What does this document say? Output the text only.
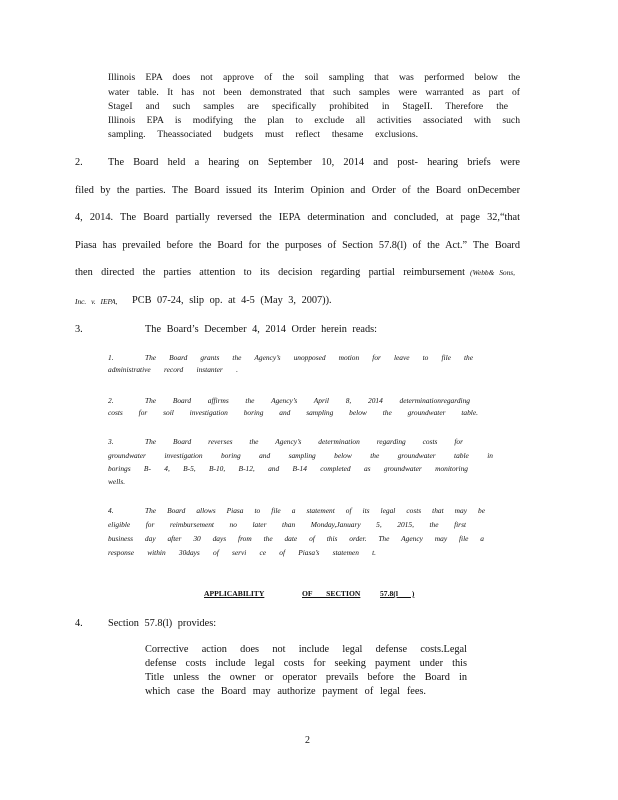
Illinois EPA does not approve of the soil sampling that was performed below the

water table. It has not been demonstrated that such samples were warranted as part of

StageI and such samples are specifically prohibited in StageII. Therefore the

Illinois EPA is modifying the plan to exclude all activities associated with such

sampling. Theassociated budgets must reflect thesame exclusions.

2. The Board held a hearing on September 10, 2014 and post- hearing briefs were

filed by the parties. The Board issued its Interim Opinion and Order of the Board onDecember

4, 2014. The Board partially reversed the IEPA determination and concluded, at page 32,“that

Piasa has prevailed before the Board for the purposes of Section 57.8(l) of the Act.” The Board

then directed the parties attention to its decision regarding partial reimbursement (Webb& Sons,
Inc. v. IEPA, PCB 07-24, slip op. at 4-5 (May 3, 2007)).
3.	The Board’s December 4, 2014 Order herein reads:
1.	The Board grants the Agency’s unopposed motion for leave to file the

administrative record instanter .

2.	The Board affirms the Agency’s April 8, 2014 determinationregarding

costs for soil investigation boring and sampling below the groundwater table.

3.	The Board reverses the Agency’s determination regarding costs for

groundwater investigation boring and sampling below the groundwater table in

borings B- 4, B-5, B-10, B-12, and B-14 completed as groundwater monitoring

wells.

4.	The Board allows Piasa to file a statement of its legal costs that may be

eligible for reimbursement no later than Monday,January 5, 2015, the first

business day after 30 days from the date of this order. The Agency may file a

response within 30days of servi ce of Piasa’s statemen t.

APPLICABILITY	OF SECTION	57.8(l )
4. Section 57.8(l) provides:

Corrective action does not include legal defense costs.Legal

defense costs include legal costs for seeking payment under this

Title unless the owner or operator prevails before the Board in

which case the Board may authorize payment of legal fees.

2
